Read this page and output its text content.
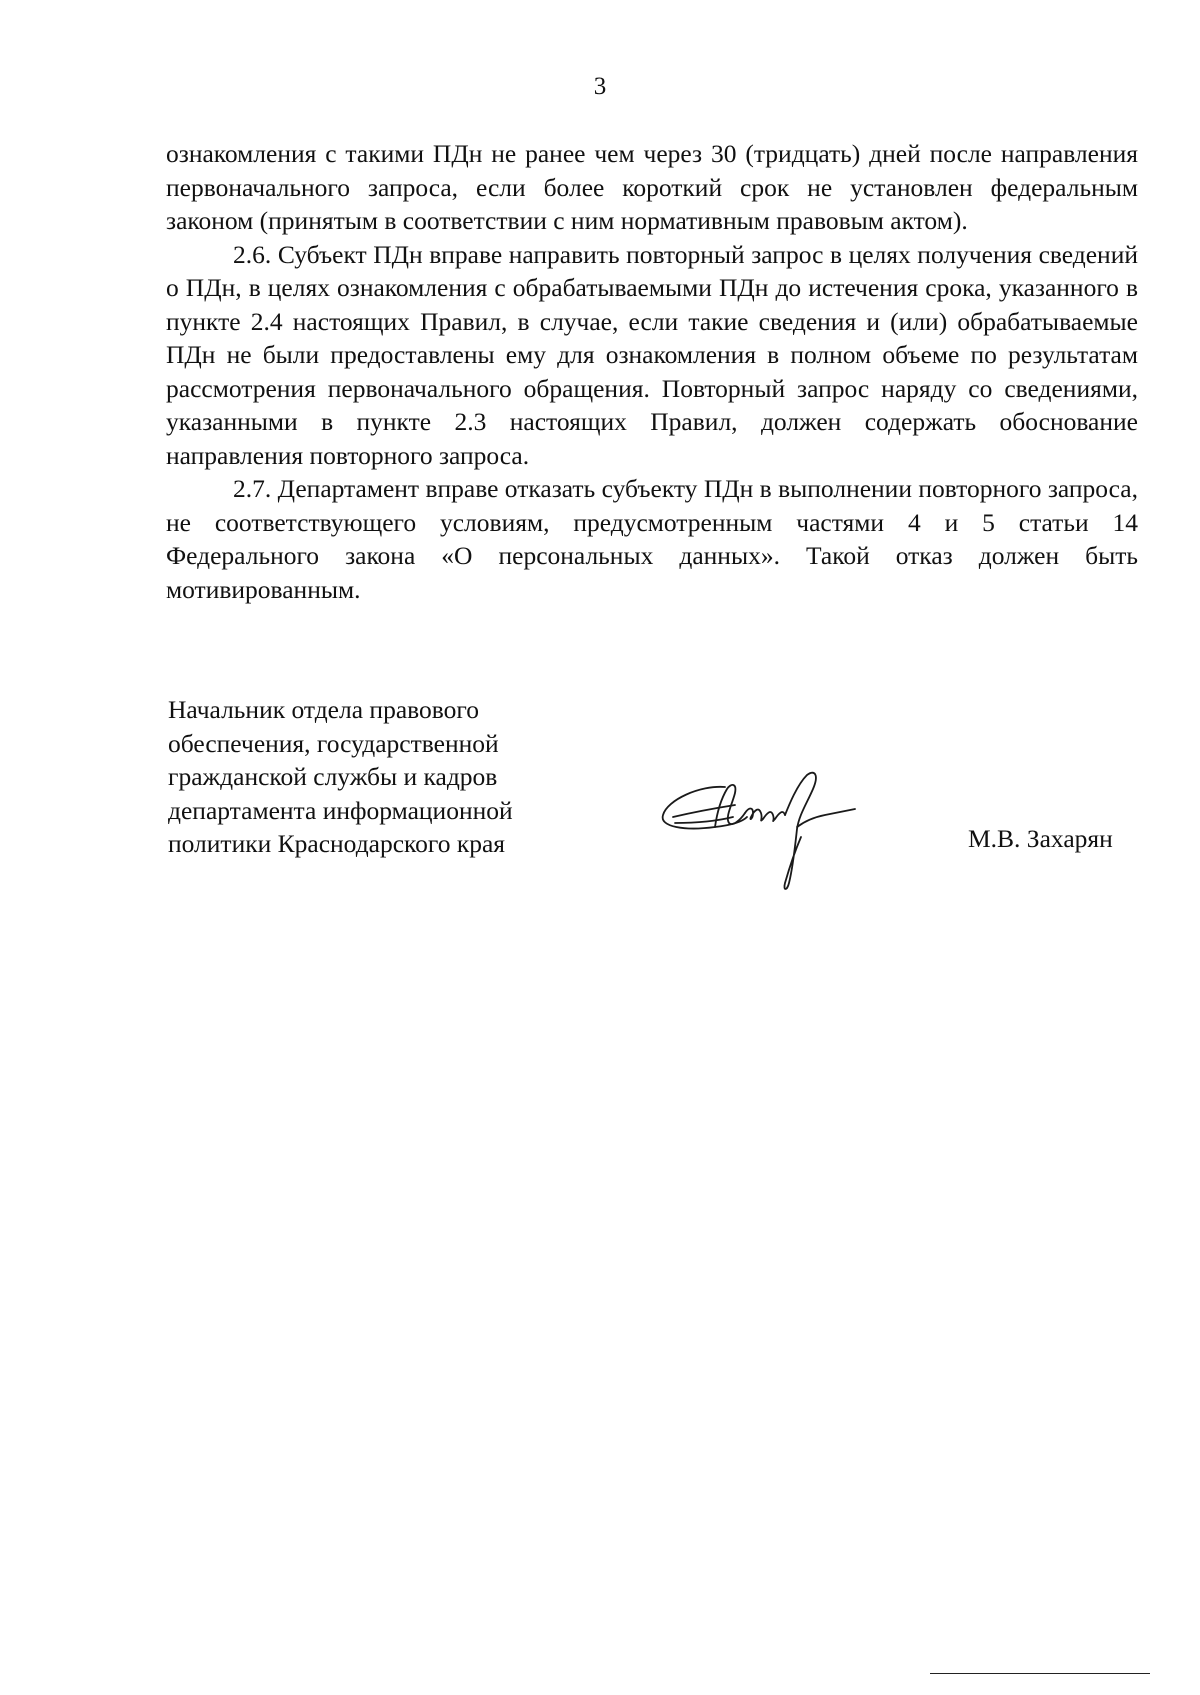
3

ознакомления с такими ПДн не ранее чем через 30 (тридцать) дней после направления первоначального запроса, если более короткий срок не установлен федеральным законом (принятым в соответствии с ним нормативным правовым актом).

2.6. Субъект ПДн вправе направить повторный запрос в целях получения сведений о ПДн, в целях ознакомления с обрабатываемыми ПДн до истечения срока, указанного в пункте 2.4 настоящих Правил, в случае, если такие сведения и (или) обрабатываемые ПДн не были предоставлены ему для ознакомления в полном объеме по результатам рассмотрения первоначального обращения. Повторный запрос наряду со сведениями, указанными в пункте 2.3 настоящих Правил, должен содержать обоснование направления повторного запроса.

2.7. Департамент вправе отказать субъекту ПДн в выполнении повторного запроса, не соответствующего условиям, предусмотренным частями 4 и 5 статьи 14 Федерального закона «О персональных данных». Такой отказ должен быть мотивированным.

Начальник отдела правового
обеспечения, государственной
гражданской службы и кадров
департамента информационной
политики Краснодарского края	М.В. Захарян
